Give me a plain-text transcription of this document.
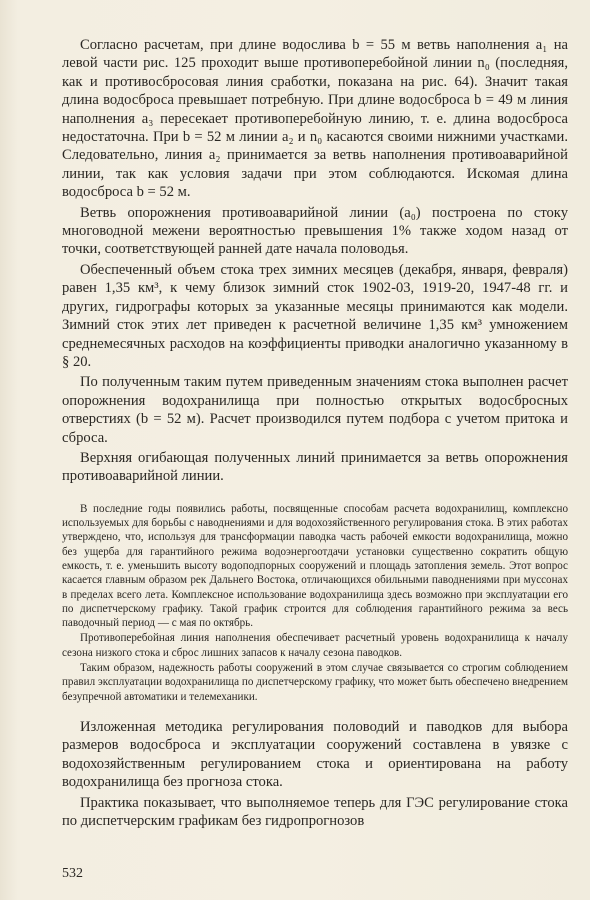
Согласно расчетам, при длине водослива b = 55 м ветвь наполнения a₁ на левой части рис. 125 проходит выше противоперебойной линии n₀ (последняя, как и противосбросовая линия сработки, показана на рис. 64). Значит такая длина водосброса превышает потребную. При длине водосброса b = 49 м линия наполнения a₃ пересекает противоперебойную линию, т. е. длина водосброса недостаточна. При b = 52 м линии a₂ и n₀ касаются своими нижними участками. Следовательно, линия a₂ принимается за ветвь наполнения противоаварийной линии, так как условия задачи при этом соблюдаются. Искомая длина водосброса b = 52 м.

Ветвь опорожнения противоаварийной линии (a₀) построена по стоку многоводной межени вероятностью превышения 1% также ходом назад от точки, соответствующей ранней дате начала половодья.

Обеспеченный объем стока трех зимних месяцев (декабря, января, февраля) равен 1,35 км³, к чему близок зимний сток 1902-03, 1919-20, 1947-48 гг. и других, гидрографы которых за указанные месяцы принимаются как модели. Зимний сток этих лет приведен к расчетной величине 1,35 км³ умножением среднемесячных расходов на коэффициенты приводки аналогично указанному в § 20.

По полученным таким путем приведенным значениям стока выполнен расчет опорожнения водохранилища при полностью открытых водосбросных отверстиях (b = 52 м). Расчет производился путем подбора с учетом притока и сброса.

Верхняя огибающая полученных линий принимается за ветвь опорожнения противоаварийной линии.

В последние годы появились работы, посвященные способам расчета водохранилищ, комплексно используемых для борьбы с наводнениями и для водохозяйственного регулирования стока. В этих работах утверждено, что, используя для трансформации паводка часть рабочей емкости водохранилища, можно без ущерба для гарантийного режима водоэнергоотдачи установки существенно сократить общую емкость, т. е. уменьшить высоту водоподпорных сооружений и площадь затопления земель. Этот вопрос касается главным образом рек Дальнего Востока, отличающихся обильными паводнениями при муссонах в пределах всего лета. Комплексное использование водохранилища здесь возможно при эксплуатации его по диспетчерскому графику. Такой график строится для соблюдения гарантийного режима за весь паводочный период — с мая по октябрь.

Противоперебойная линия наполнения обеспечивает расчетный уровень водохранилища к началу сезона низкого стока и сброс лишних запасов к началу сезона паводков.

Таким образом, надежность работы сооружений в этом случае связывается со строгим соблюдением правил эксплуатации водохранилища по диспетчерскому графику, что может быть обеспечено внедрением безупречной автоматики и телемеханики.

Изложенная методика регулирования половодий и паводков для выбора размеров водосброса и эксплуатации сооружений составлена в увязке с водохозяйственным регулированием стока и ориентирована на работу водохранилища без прогноза стока.

Практика показывает, что выполняемое теперь для ГЭС регулирование стока по диспетчерским графикам без гидропрогнозов

532
